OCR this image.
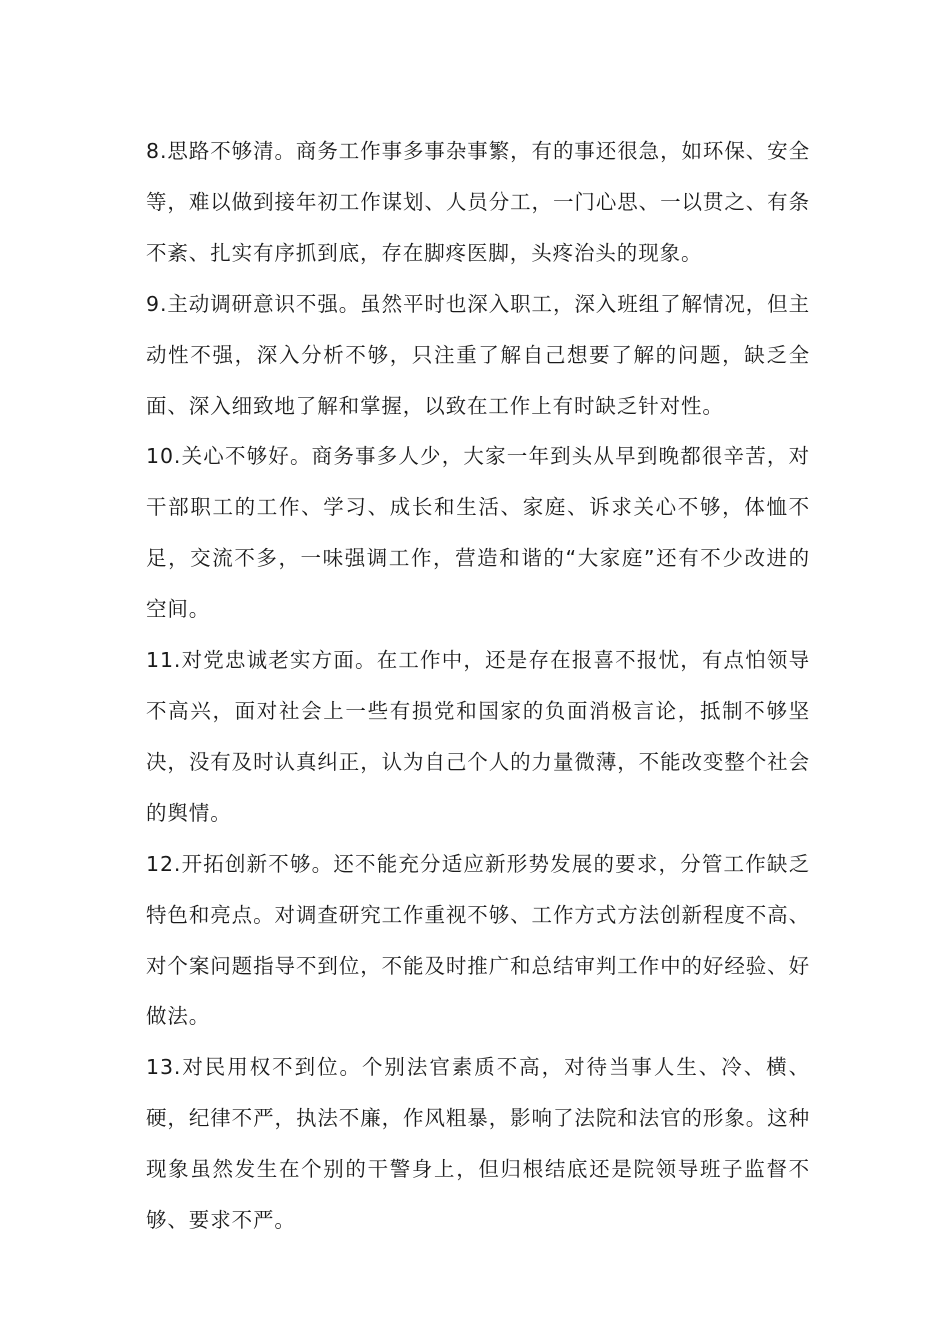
8.思路不够清。商务工作事多事杂事繁，有的事还很急，如环保、安全等，难以做到接年初工作谋划、人员分工，一门心思、一以贯之、有条不紊、扎实有序抓到底，存在脚疼医脚，头疼治头的现象。

9.主动调研意识不强。虽然平时也深入职工，深入班组了解情况，但主动性不强，深入分析不够，只注重了解自己想要了解的问题，缺乏全面、深入细致地了解和掌握，以致在工作上有时缺乏针对性。

10.关心不够好。商务事多人少，大家一年到头从早到晚都很辛苦，对干部职工的工作、学习、成长和生活、家庭、诉求关心不够，体恤不足，交流不多，一味强调工作，营造和谐的“大家庭”还有不少改进的空间。

11.对党忠诚老实方面。在工作中，还是存在报喜不报忧，有点怕领导不高兴，面对社会上一些有损党和国家的负面消极言论，抵制不够坚决，没有及时认真纠正，认为自己个人的力量微薄，不能改变整个社会的舆情。

12.开拓创新不够。还不能充分适应新形势发展的要求，分管工作缺乏特色和亮点。对调查研究工作重视不够、工作方式方法创新程度不高、对个案问题指导不到位，不能及时推广和总结审判工作中的好经验、好做法。

13.对民用权不到位。个别法官素质不高，对待当事人生、冷、横、硬，纪律不严，执法不廉，作风粗暴，影响了法院和法官的形象。这种现象虽然发生在个别的干警身上，但归根结底还是院领导班子监督不够、要求不严。
